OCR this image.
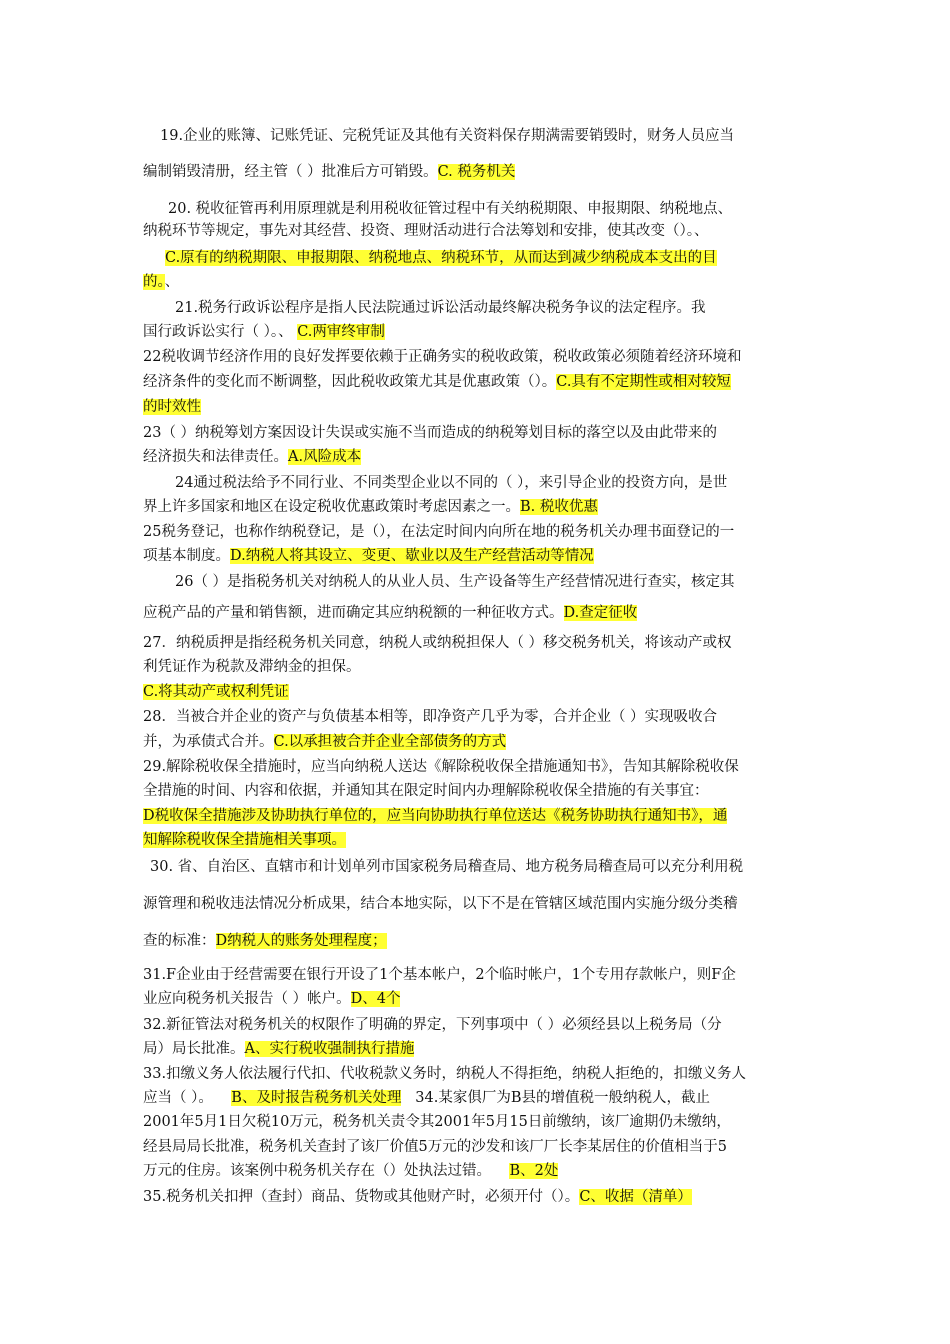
19.企业的账簿、记账凭证、完税凭证及其他有关资料保存期满需要销毁时，财务人员应当
编制销毁清册，经主管（ ）批准后方可销毁。C. 税务机关
20. 税收征管再利用原理就是利用税收征管过程中有关纳税期限、申报期限、纳税地点、
纳税环节等规定，事先对其经营、投资、理财活动进行合法筹划和安排，使其改变（）。、
C.原有的纳税期限、申报期限、纳税地点、纳税环节，从而达到减少纳税成本支出的目
的。、
21.税务行政诉讼程序是指人民法院通过诉讼活动最终解决税务争议的法定程序。我
国行政诉讼实行（ ）。、 C.两审终审制
22税收调节经济作用的良好发挥要依赖于正确务实的税收政策，税收政策必须随着经济环境和
经济条件的变化而不断调整，因此税收政策尤其是优惠政策（）。C.具有不定期性或相对较短
的时效性
23（ ）纳税筹划方案因设计失误或实施不当而造成的纳税筹划目标的落空以及由此带来的
经济损失和法律责任。A.风险成本
24通过税法给予不同行业、不同类型企业以不同的（ ），来引导企业的投资方向，是世
界上许多国家和地区在设定税收优惠政策时考虑因素之一。B. 税收优惠
25税务登记，也称作纳税登记，是（），在法定时间内向所在地的税务机关办理书面登记的一
项基本制度。D.纳税人将其设立、变更、歇业以及生产经营活动等情况
26（ ）是指税务机关对纳税人的从业人员、生产设备等生产经营情况进行查实，核定其
应税产品的产量和销售额，进而确定其应纳税额的一种征收方式。D.查定征收
27．纳税质押是指经税务机关同意，纳税人或纳税担保人（ ）移交税务机关，将该动产或权
利凭证作为税款及滞纳金的担保。
C.将其动产或权利凭证
28．当被合并企业的资产与负债基本相等，即净资产几乎为零，合并企业（ ）实现吸收合
并，为承债式合并。C.以承担被合并企业全部债务的方式
29.解除税收保全措施时，应当向纳税人送达《解除税收保全措施通知书》，告知其解除税收保
全措施的时间、内容和依据，并通知其在限定时间内办理解除税收保全措施的有关事宜：
D税收保全措施涉及协助执行单位的，应当向协助执行单位送达《税务协助执行通知书》，通
知解除税收保全措施相关事项。
30. 省、自治区、直辖市和计划单列市国家税务局稽查局、地方税务局稽查局可以充分利用税
源管理和税收违法情况分析成果，结合本地实际，以下不是在管辖区域范围内实施分级分类稽
查的标准：D纳税人的账务处理程度；
31.F企业由于经营需要在银行开设了1个基本帐户，2个临时帐户，1个专用存款帐户，则F企
业应向税务机关报告（ ）帐户。D、4个
32.新征管法对税务机关的权限作了明确的界定，下列事项中（ ）必须经县以上税务局（分
局）局长批准。A、实行税收强制执行措施
33.扣缴义务人依法履行代扣、代收税款义务时，纳税人不得拒绝，纳税人拒绝的，扣缴义务人
应当（ ）。 B、及时报告税务机关处理 34.某家俱厂为B县的增值税一般纳税人，截止
2001年5月1日欠税10万元，税务机关责令其2001年5月15日前缴纳，该厂逾期仍未缴纳，
经县局局长批准，税务机关查封了该厂价值5万元的沙发和该厂厂长李某居住的价值相当于5
万元的住房。该案例中税务机关存在（）处执法过错。 B、2处
35.税务机关扣押（查封）商品、货物或其他财产时，必须开付（）。C、收据（清单）
